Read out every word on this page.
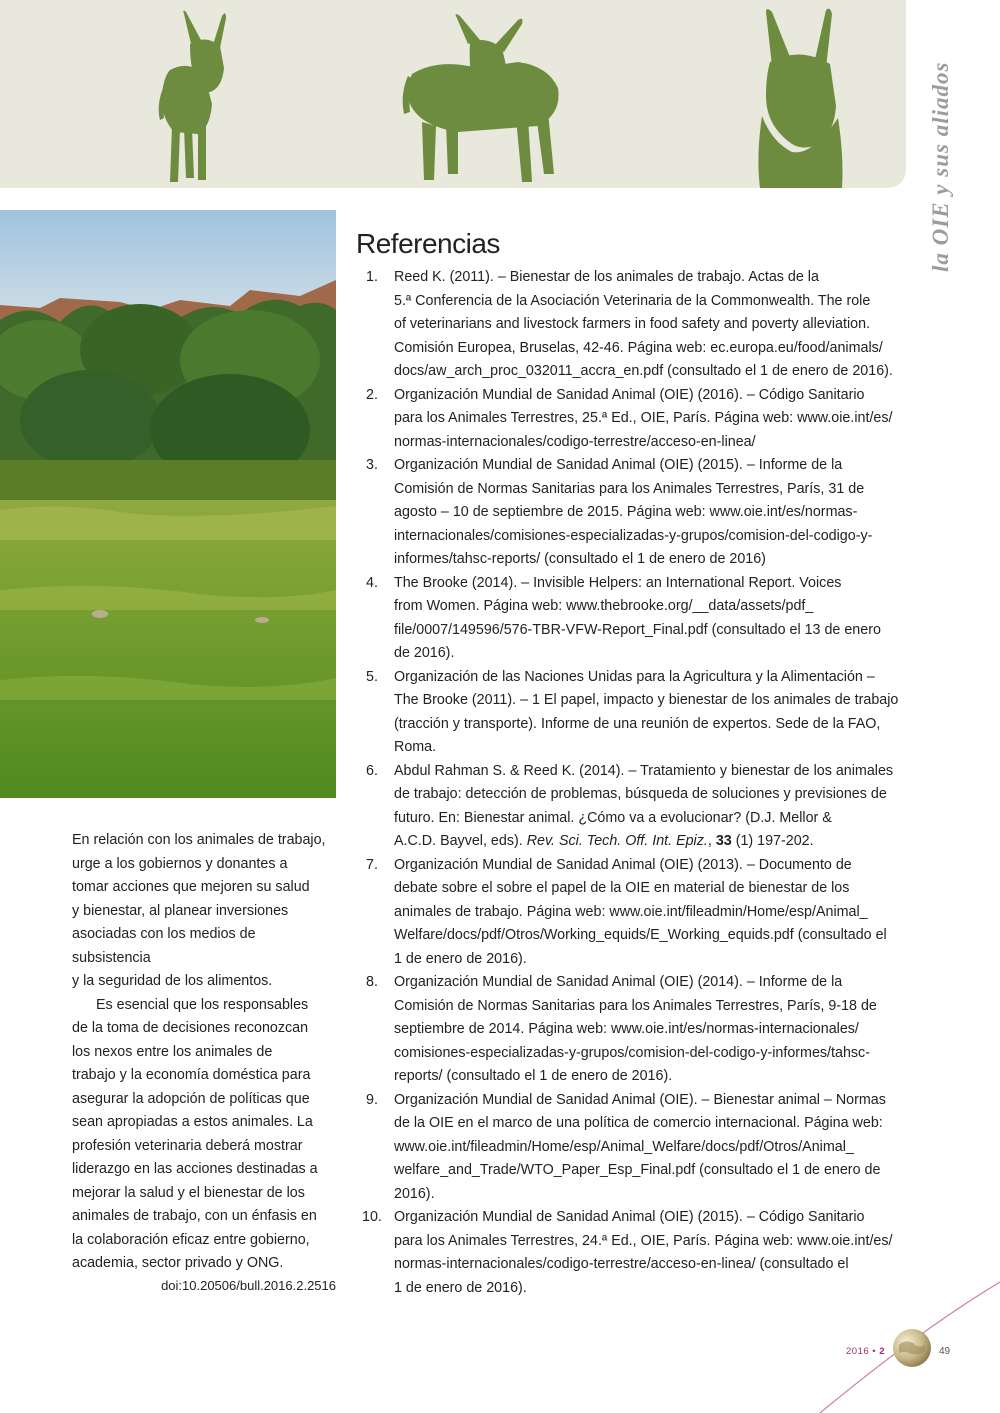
la OIE y sus aliados
Referencias
1. Reed K. (2011). – Bienestar de los animales de trabajo. Actas de la
5.ª Conferencia de la Asociación Veterinaria de la Commonwealth. The role
of veterinarians and livestock farmers in food safety and poverty alleviation.
Comisión Europea, Bruselas, 42-46. Página web: ec.europa.eu/food/animals/
docs/aw_arch_proc_032011_accra_en.pdf (consultado el 1 de enero de 2016).
2. Organización Mundial de Sanidad Animal (OIE) (2016). – Código Sanitario
para los Animales Terrestres, 25.ª Ed., OIE, París. Página web: www.oie.int/es/
normas-internacionales/codigo-terrestre/acceso-en-linea/
3. Organización Mundial de Sanidad Animal (OIE) (2015). – Informe de la
Comisión de Normas Sanitarias para los Animales Terrestres, París, 31 de
agosto – 10 de septiembre de 2015. Página web: www.oie.int/es/normas-
internacionales/comisiones-especializadas-y-grupos/comision-del-codigo-y-
informes/tahsc-reports/ (consultado el 1 de enero de 2016)
4. The Brooke (2014). – Invisible Helpers: an International Report. Voices
from Women. Página web: www.thebrooke.org/__data/assets/pdf_
file/0007/149596/576-TBR-VFW-Report_Final.pdf (consultado el 13 de enero
de 2016).
5. Organización de las Naciones Unidas para la Agricultura y la Alimentación –
The Brooke (2011). – 1 El papel, impacto y bienestar de los animales de trabajo
(tracción y transporte). Informe de una reunión de expertos. Sede de la FAO,
Roma.
6. Abdul Rahman S. & Reed K. (2014). – Tratamiento y bienestar de los animales
de trabajo: detección de problemas, búsqueda de soluciones y previsiones de
futuro. En: Bienestar animal. ¿Cómo va a evolucionar? (D.J. Mellor &
A.C.D. Bayvel, eds). Rev. Sci. Tech. Off. Int. Epiz., 33 (1) 197-202.
7. Organización Mundial de Sanidad Animal (OIE) (2013). – Documento de
debate sobre el sobre el papel de la OIE en material de bienestar de los
animales de trabajo. Página web: www.oie.int/fileadmin/Home/esp/Animal_
Welfare/docs/pdf/Otros/Working_equids/E_Working_equids.pdf (consultado el
1 de enero de 2016).
8. Organización Mundial de Sanidad Animal (OIE) (2014). – Informe de la
Comisión de Normas Sanitarias para los Animales Terrestres, París, 9-18 de
septiembre de 2014. Página web: www.oie.int/es/normas-internacionales/
comisiones-especializadas-y-grupos/comision-del-codigo-y-informes/tahsc-
reports/ (consultado el 1 de enero de 2016).
9. Organización Mundial de Sanidad Animal (OIE). – Bienestar animal – Normas
de la OIE en el marco de una política de comercio internacional. Página web:
www.oie.int/fileadmin/Home/esp/Animal_Welfare/docs/pdf/Otros/Animal_
welfare_and_Trade/WTO_Paper_Esp_Final.pdf (consultado el 1 de enero de
2016).
10. Organización Mundial de Sanidad Animal (OIE) (2015). – Código Sanitario
para los Animales Terrestres, 24.ª Ed., OIE, París. Página web: www.oie.int/es/
normas-internacionales/codigo-terrestre/acceso-en-linea/ (consultado el
1 de enero de 2016).

En relación con los animales de trabajo,
urge a los gobiernos y donantes a
tomar acciones que mejoren su salud
y bienestar, al planear inversiones
asociadas con los medios de subsistencia
y la seguridad de los alimentos.

Es esencial que los responsables
de la toma de decisiones reconozcan
los nexos entre los animales de
trabajo y la economía doméstica para
asegurar la adopción de políticas que
sean apropiadas a estos animales. La
profesión veterinaria deberá mostrar
liderazgo en las acciones destinadas a
mejorar la salud y el bienestar de los
animales de trabajo, con un énfasis en
la colaboración eficaz entre gobierno,
academia, sector privado y ONG.

doi:10.20506/bull.2016.2.2516
2016 • 2	49
